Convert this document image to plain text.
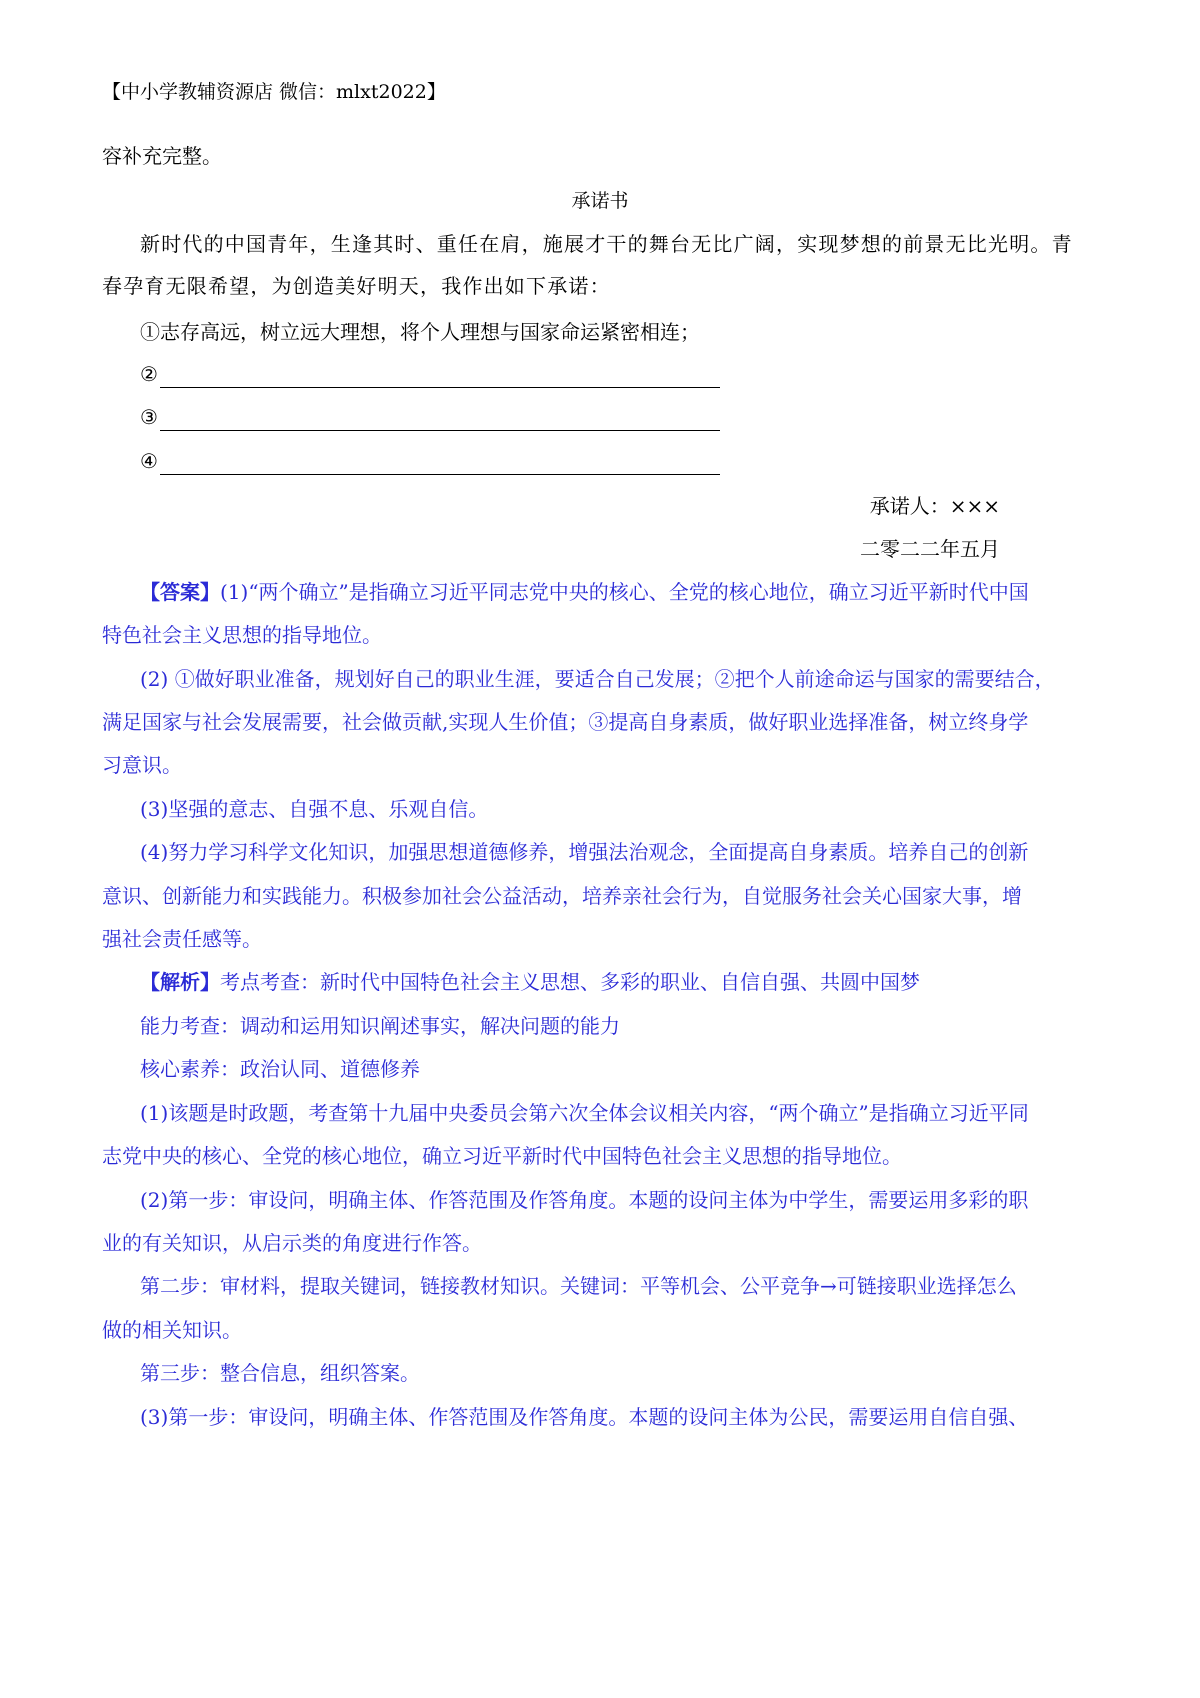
【中小学教辅资源店 微信：mlxt2022】
容补充完整。
承诺书
新时代的中国青年，生逢其时、重任在肩，施展才干的舞台无比广阔，实现梦想的前景无比光明。青
春孕育无限希望，为创造美好明天，我作出如下承诺：
①志存高远，树立远大理想，将个人理想与国家命运紧密相连；
②
③
④
承诺人：×××
二零二二年五月
【答案】(1)“两个确立”是指确立习近平同志党中央的核心、全党的核心地位，确立习近平新时代中国
特色社会主义思想的指导地位。
(2) ①做好职业准备，规划好自己的职业生涯，要适合自己发展；②把个人前途命运与国家的需要结合，
满足国家与社会发展需要，社会做贡献,实现人生价值；③提高自身素质，做好职业选择准备，树立终身学
习意识。
(3)坚强的意志、自强不息、乐观自信。
(4)努力学习科学文化知识，加强思想道德修养，增强法治观念，全面提高自身素质。培养自己的创新
意识、创新能力和实践能力。积极参加社会公益活动，培养亲社会行为，自觉服务社会关心国家大事，增
强社会责任感等。
【解析】考点考查：新时代中国特色社会主义思想、多彩的职业、自信自强、共圆中国梦
能力考查：调动和运用知识阐述事实，解决问题的能力
核心素养：政治认同、道德修养
(1)该题是时政题，考查第十九届中央委员会第六次全体会议相关内容，“两个确立”是指确立习近平同
志党中央的核心、全党的核心地位，确立习近平新时代中国特色社会主义思想的指导地位。
(2)第一步：审设问，明确主体、作答范围及作答角度。本题的设问主体为中学生，需要运用多彩的职
业的有关知识，从启示类的角度进行作答。
第二步：审材料，提取关键词，链接教材知识。关键词：平等机会、公平竞争→可链接职业选择怎么
做的相关知识。
第三步：整合信息，组织答案。
(3)第一步：审设问，明确主体、作答范围及作答角度。本题的设问主体为公民，需要运用自信自强、
